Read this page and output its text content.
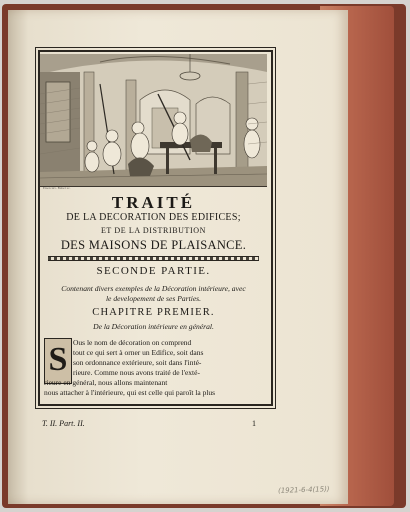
Eisen inv. Babel sc.
TRAITÉ
DE LA DECORATION DES EDIFICES;
ET DE LA DISTRIBUTION
DES MAISONS DE PLAISANCE.
SECONDE PARTIE.
Contenant divers exemples de la Décoration intérieure, avec
le developement de ses Parties.
CHAPITRE PREMIER.
De la Décoration intérieure en général.
S Ous le nom de décoration on comprend
tout ce qui sert à orner un Edifice, soit dans
son ordonnance extérieure, soit dans l'inté-
rieure. Comme nous avons traité de l'exté-
rieure en général, nous allons maintenant
nous attacher à l'intérieure, qui est celle qui paroît la plus
T. II. Part. II.	1
(1921-6-4(15))
